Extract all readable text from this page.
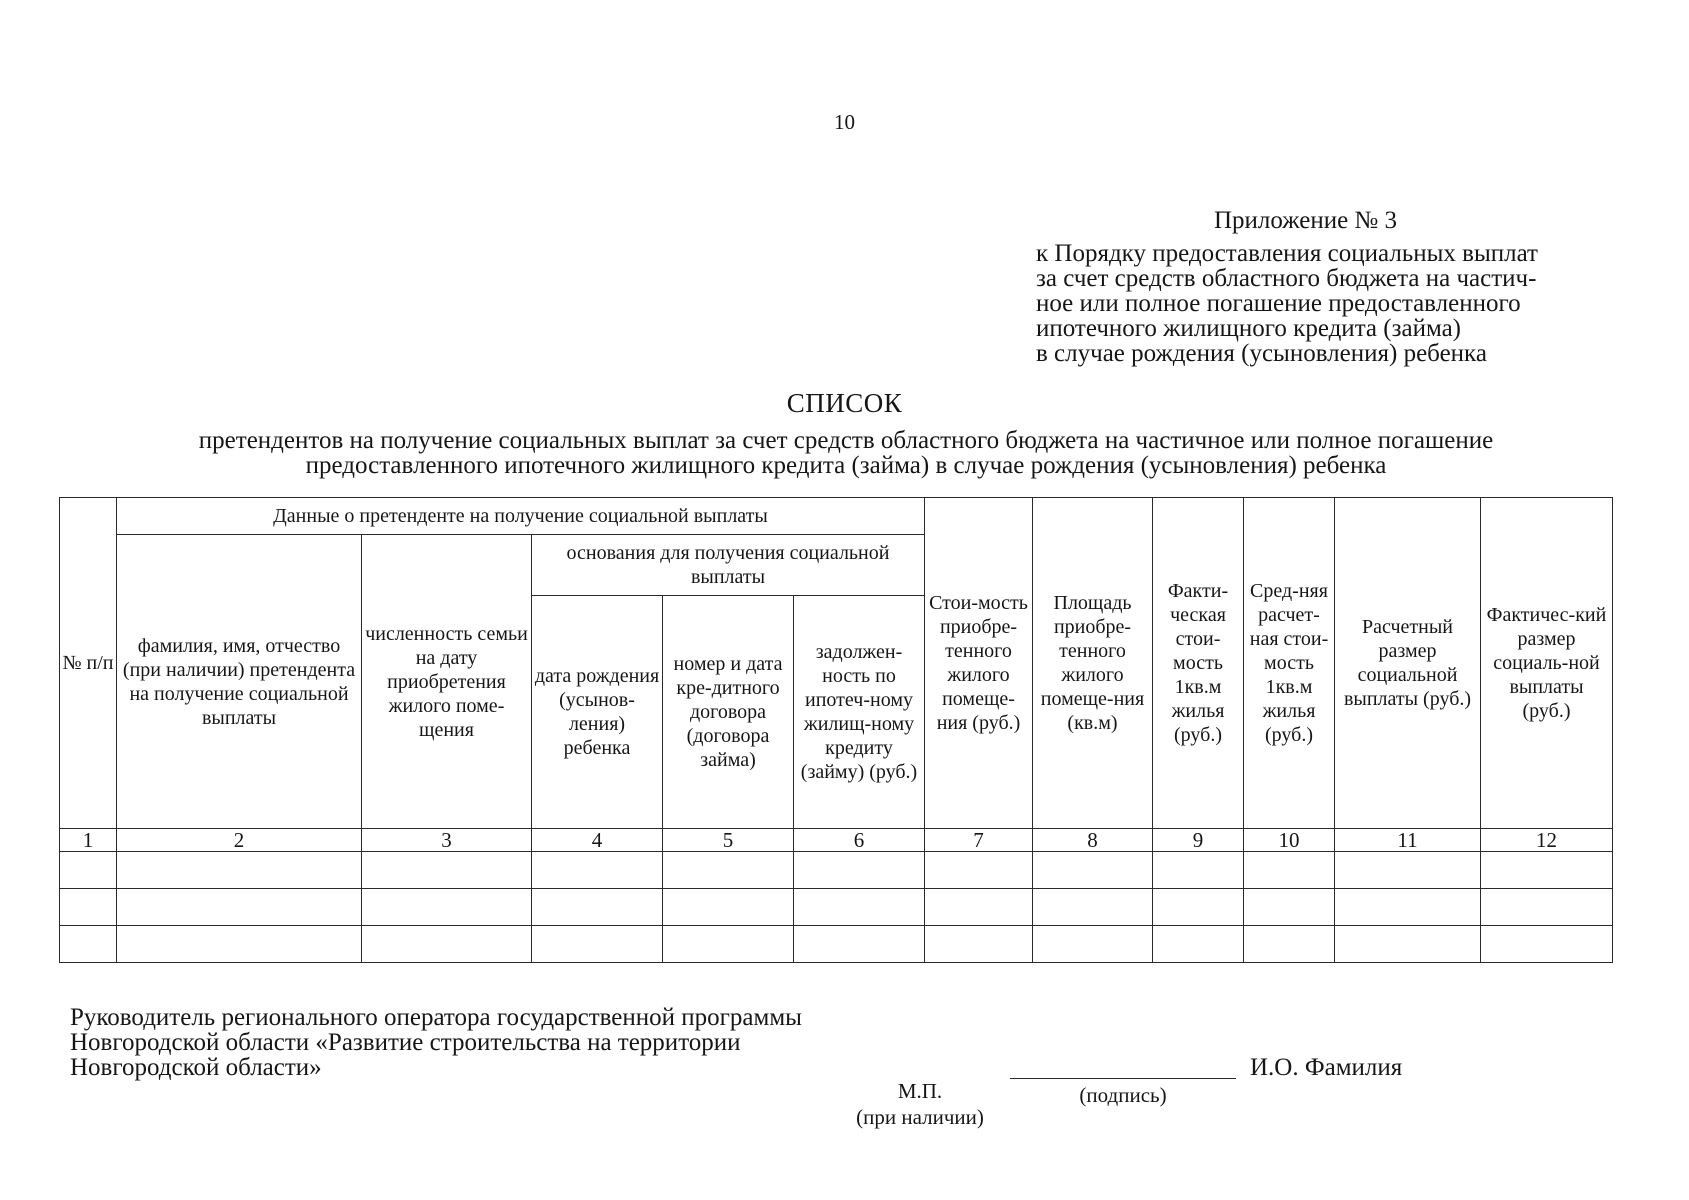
10
Приложение № 3
к Порядку предоставления социальных выплат
за счет средств областного бюджета на частич-
ное или полное погашение предоставленного
ипотечного жилищного кредита (займа)
в случае рождения (усыновления) ребенка
СПИСОК
претендентов на получение социальных выплат за счет средств областного бюджета на частичное или полное погашение
предоставленного ипотечного жилищного кредита (займа) в случае рождения (усыновления) ребенка
№ п/п	Данные о претенденте на получение социальной выплаты					Стои-мость приобре-тенного жилого помеще-ния (руб.)	Площадь приобре-тенного жилого помеще-ния (кв.м)	Факти-ческая стои-мость 1кв.м жилья (руб.)	Сред-няя расчет-ная стои-мость 1кв.м жилья (руб.)	Расчетный размер социальной выплаты (руб.)	Фактичес-кий размер социаль-ной выплаты (руб.)
	фамилия, имя, отчество (при наличии) претендента на получение социальной выплаты	численность семьи на дату приобретения жилого поме-щения	основания для получения социальной выплаты								
			дата рождения (усынов-ления) ребенка	номер и дата кре-дитного договора (договора займа)	задолжен-ность по ипотеч-ному жилищ-ному кредиту (займу) (руб.)						
1	2	3	4	5	6	7	8	9	10	11	12

Руководитель регионального оператора государственной программы
Новгородской области «Развитие строительства на территории
Новгородской области»
М.П.
(при наличии)
(подпись)
И.О. Фамилия
